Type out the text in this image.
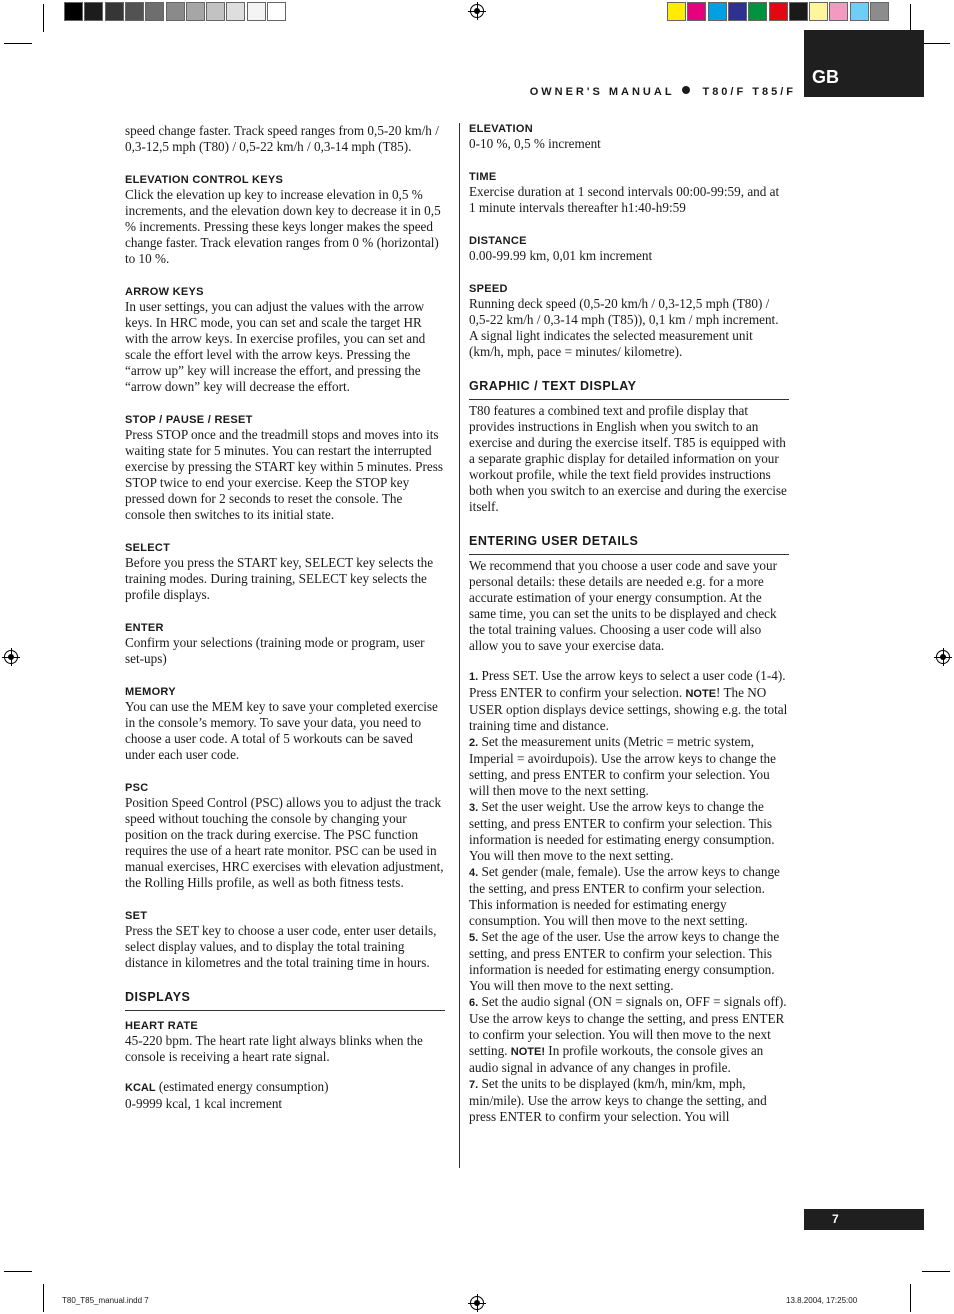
GB
OWNER'S MANUAL	T80/F T85/F

speed change faster. Track speed ranges from 0,5-20 km/h / 0,3-12,5 mph (T80) / 0,5-22 km/h / 0,3-14 mph (T85).

ELEVATION CONTROL KEYS

Click the elevation up key to increase elevation in 0,5 % increments, and the elevation down key to decrease it in 0,5 % increments. Pressing these keys longer makes the speed change faster. Track elevation ranges from 0 % (horizontal) to 10 %.

ARROW KEYS

In user settings, you can adjust the values with the arrow keys. In HRC mode, you can set and scale the target HR with the arrow keys. In exercise profiles, you can set and scale the effort level with the arrow keys. Pressing the “arrow up” key will increase the effort, and pressing the “arrow down” key will decrease the effort.

STOP / PAUSE / RESET

Press STOP once and the treadmill stops and moves into its waiting state for 5 minutes. You can restart the interrupted exercise by pressing the START key within 5 minutes. Press STOP twice to end your exercise. Keep the STOP key pressed down for 2 seconds to reset the console. The console then switches to its initial state.

SELECT

Before you press the START key, SELECT key selects the training modes. During training, SELECT key selects the profile displays.

ENTER

Confirm your selections (training mode or program, user set-ups)

MEMORY

You can use the MEM key to save your completed exercise in the console’s memory. To save your data, you need to choose a user code. A total of 5 workouts can be saved under each user code.

PSC

Position Speed Control (PSC) allows you to adjust the track speed without touching the console by changing your position on the track during exercise. The PSC function requires the use of a heart rate monitor. PSC can be used in manual exercises, HRC exercises with elevation adjustment, the Rolling Hills profile, as well as both fitness tests.

SET

Press the SET key to choose a user code, enter user details, select display values, and to display the total training distance in kilometres and the total training time in hours.

DISPLAYS

HEART RATE

45-220 bpm. The heart rate light always blinks when the console is receiving a heart rate signal.

KCAL (estimated energy consumption)

0-9999 kcal, 1 kcal increment

ELEVATION

0-10 %, 0,5 % increment

TIME

Exercise duration at 1 second intervals 00:00-99:59, and at 1 minute intervals thereafter h1:40-h9:59

DISTANCE

0.00-99.99 km, 0,01 km increment

SPEED

Running deck speed (0,5-20 km/h / 0,3-12,5 mph (T80) / 0,5-22 km/h / 0,3-14 mph (T85)), 0,1 km / mph increment. A signal light indicates the selected measurement unit (km/h, mph, pace = minutes/ kilometre).

GRAPHIC / TEXT DISPLAY

T80 features a combined text and profile display that provides instructions in English when you switch to an exercise and during the exercise itself. T85 is equipped with a separate graphic display for detailed information on your workout profile, while the text field provides instructions both when you switch to an exercise and during the exercise itself.

ENTERING USER DETAILS

We recommend that you choose a user code and save your personal details: these details are needed e.g. for a more accurate estimation of your energy consumption. At the same time, you can set the units to be displayed and check the total training values. Choosing a user code will also allow you to save your exercise data.

1. Press SET. Use the arrow keys to select a user code (1-4). Press ENTER to confirm your selection. NOTE! The NO USER option displays device settings, showing e.g. the total training time and distance.

2. Set the measurement units (Metric = metric system, Imperial = avoirdupois). Use the arrow keys to change the setting, and press ENTER to confirm your selection. You will then move to the next setting.

3. Set the user weight. Use the arrow keys to change the setting, and press ENTER to confirm your selection. This information is needed for estimating energy consumption. You will then move to the next setting.

4. Set gender (male, female). Use the arrow keys to change the setting, and press ENTER to confirm your selection. This information is needed for estimating energy consumption. You will then move to the next setting.

5. Set the age of the user. Use the arrow keys to change the setting, and press ENTER to confirm your selection. This information is needed for estimating energy consumption. You will then move to the next setting.

6. Set the audio signal (ON = signals on, OFF = signals off). Use the arrow keys to change the setting, and press ENTER to confirm your selection. You will then move to the next setting. NOTE! In profile workouts, the console gives an audio signal in advance of any changes in profile.

7. Set the units to be displayed (km/h, min/km, mph, min/mile). Use the arrow keys to change the setting, and press ENTER to confirm your selection. You will

7
T80_T85_manual.indd 7	13.8.2004, 17:25:00
